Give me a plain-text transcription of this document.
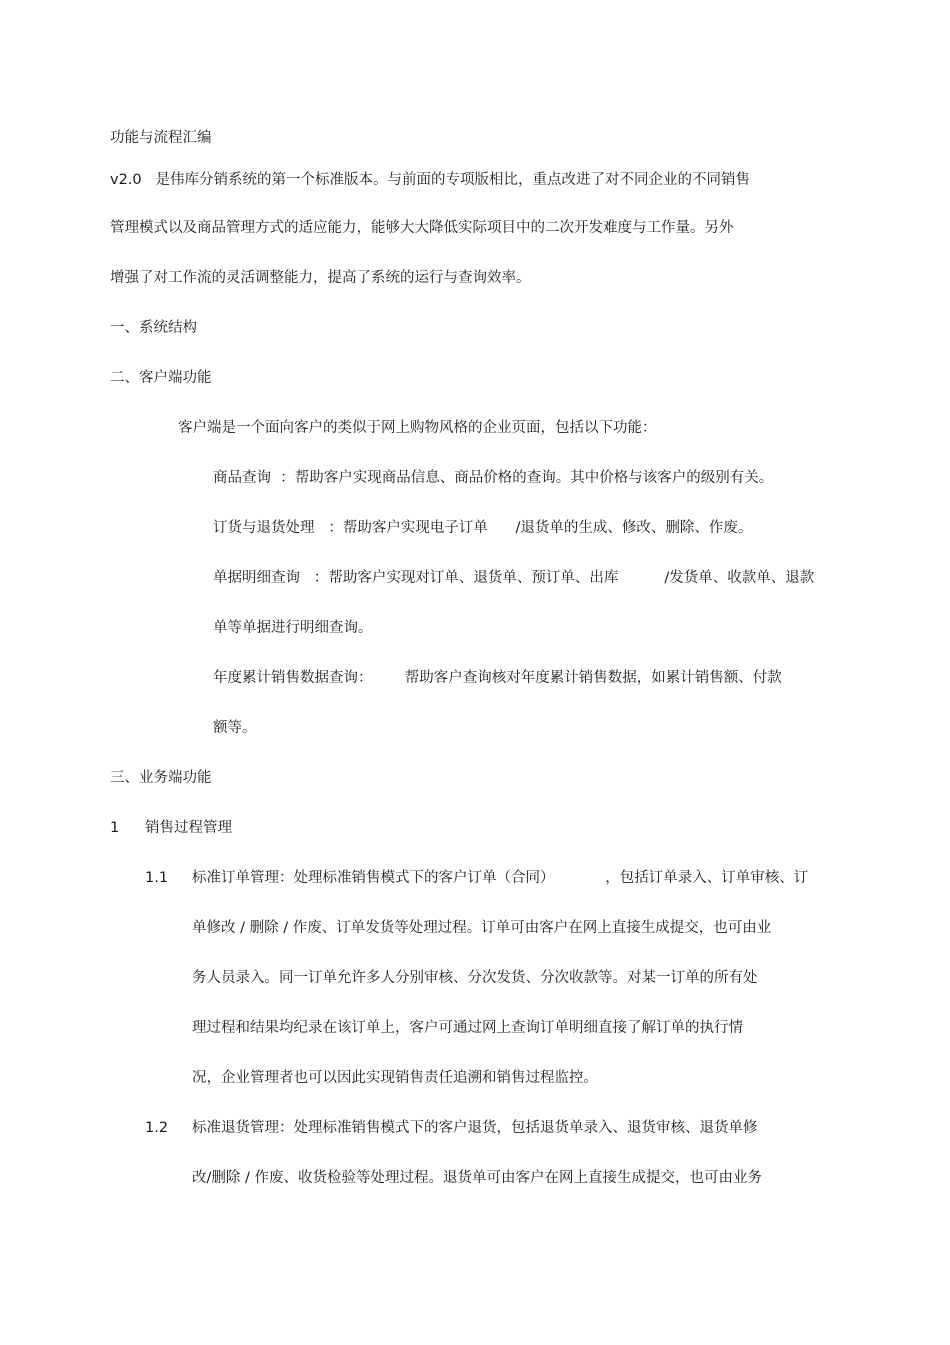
功能与流程汇编

v2.0   是伟库分销系统的第一个标准版本。与前面的专项版相比，重点改进了对不同企业的不同销售

管理模式以及商品管理方式的适应能力，能够大大降低实际项目中的二次开发难度与工作量。另外

增强了对工作流的灵活调整能力，提高了系统的运行与查询效率。

一、系统结构

二、客户端功能

客户端是一个面向客户的类似于网上购物风格的企业页面，包括以下功能：

商品查询  ：帮助客户实现商品信息、商品价格的查询。其中价格与该客户的级别有关。

订货与退货处理   ：帮助客户实现电子订单      /退货单的生成、修改、删除、作废。

单据明细查询   ：帮助客户实现对订单、退货单、预订单、出库          /发货单、收款单、退款

单等单据进行明细查询。

年度累计销售数据查询：       帮助客户查询核对年度累计销售数据，如累计销售额、付款

额等。

三、业务端功能

1 销售过程管理

1.1 标准订单管理：处理标准销售模式下的客户订单（合同）           ，包括订单录入、订单审核、订

单修改 / 删除 / 作废、订单发货等处理过程。订单可由客户在网上直接生成提交，也可由业

务人员录入。同一订单允许多人分别审核、分次发货、分次收款等。对某一订单的所有处

理过程和结果均纪录在该订单上，客户可通过网上查询订单明细直接了解订单的执行情

况，企业管理者也可以因此实现销售责任追溯和销售过程监控。

1.2 标准退货管理：处理标准销售模式下的客户退货，包括退货单录入、退货审核、退货单修

改/删除 / 作废、收货检验等处理过程。退货单可由客户在网上直接生成提交，也可由业务
